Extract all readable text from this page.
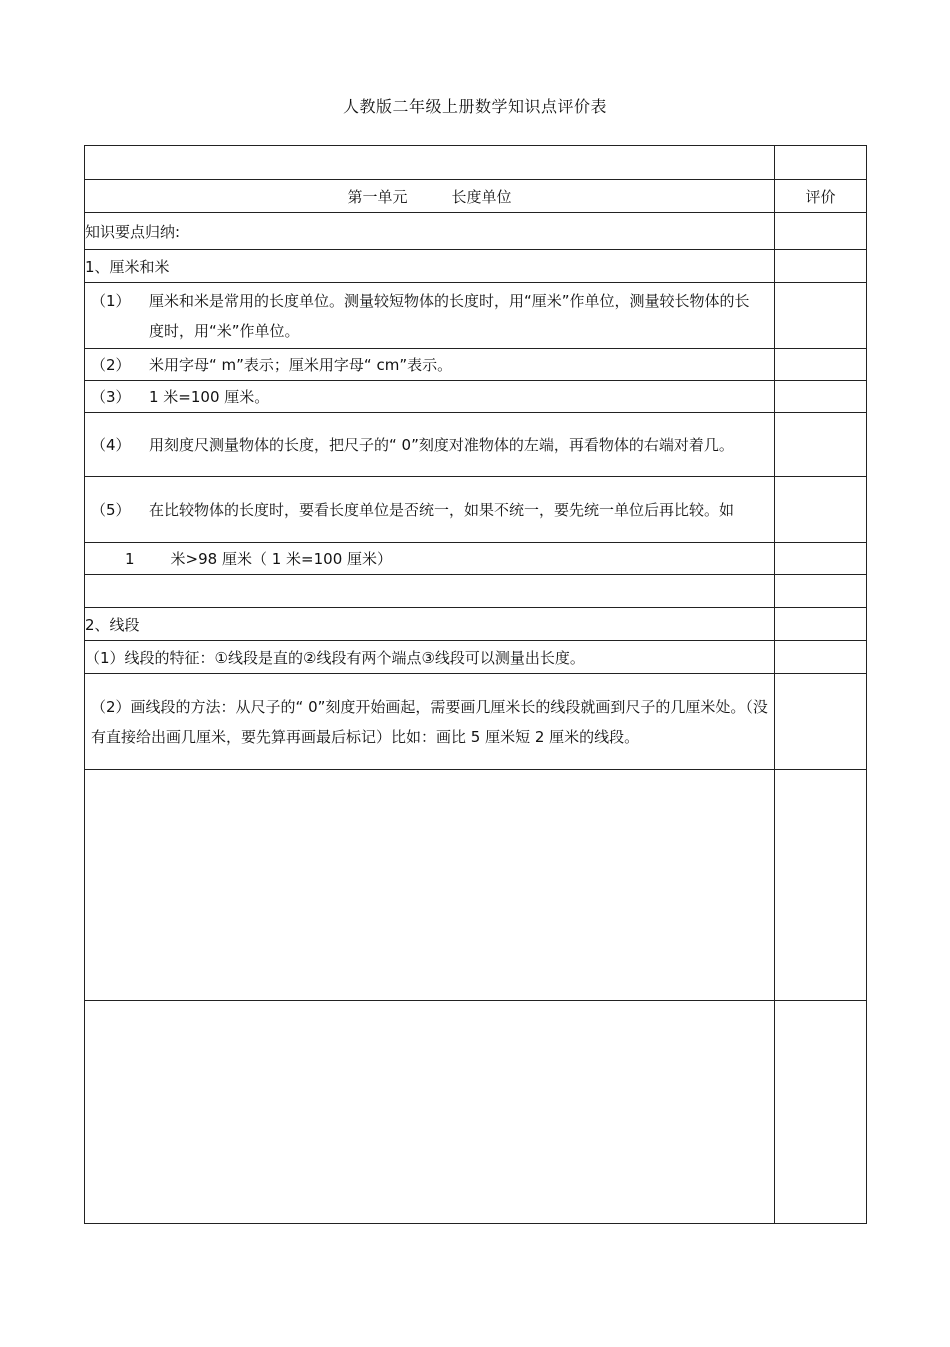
人教版二年级上册数学知识点评价表

第一单元 长度单位	评价
知识要点归纳:	
1、厘米和米	

（1） 厘米和米是常用的长度单位。测量较短物体的长度时，用“厘米”作单位，测量较长物体的长度时，用“米”作单位。	

（2） 米用字母“ m”表示；厘米用字母“ cm”表示。	

（3） 1 米=100 厘米。	

（4） 用刻度尺测量物体的长度，把尺子的“ 0”刻度对准物体的左端，再看物体的右端对着几。	

（5） 在比较物体的长度时，要看长度单位是否统一，如果不统一，要先统一单位后再比较。如	

1 米>98 厘米（ 1 米=100 厘米）	

2、线段	
（1）线段的特征：①线段是直的②线段有两个端点③线段可以测量出长度。	

（2）画线段的方法：从尺子的“ 0”刻度开始画起，需要画几厘米长的线段就画到尺子的几厘米处。（没有直接给出画几厘米，要先算再画最后标记）比如：画比 5 厘米短 2 厘米的线段。	
